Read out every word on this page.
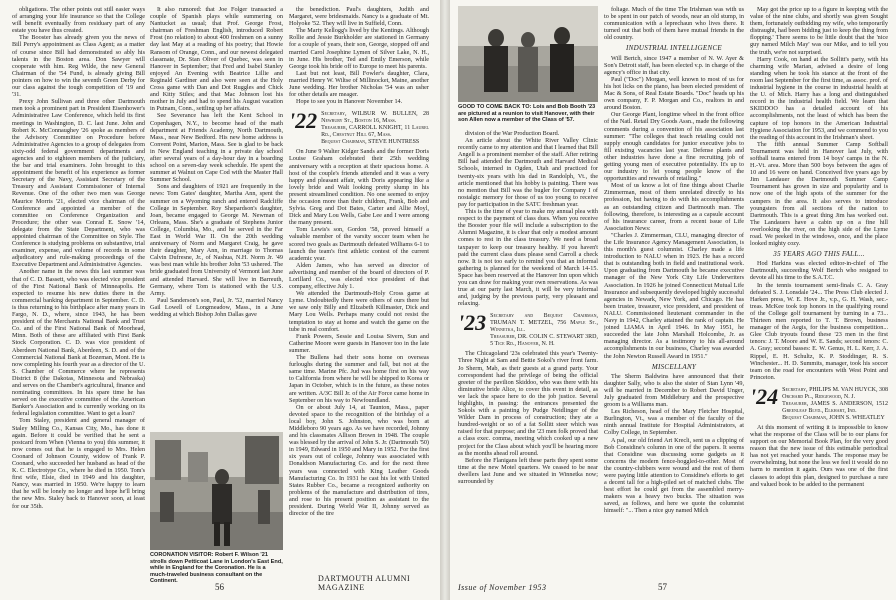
obligations. The other points out still easier ways of arranging your life insurance so that the College will benefit eventually from residuary part of any estate you have thus created.

The Booster has already given you the news of Bill Perry's appointment as Class Agent; as a matter of course since Bill had demonstrated so ably his talents in the Boston area. Don Sawyer will cooperate with him. Reg Wilde, the new General Chairman of the '54 Fund, is already giving Bill pointers on how to win the seventh Green Derby for our class against the tough competition of '19 and '31.

Prexy John Sullivan and three other Dartmouth men took a prominent part in President Eisenhower's Administrative Law Conference, which held its first meetings in Washington, D. C. last June. John and Robert K. McConnaughey '26 spoke as members of the Advisory Committee on Procedure before Administrative Agencies to a group of delegates from sixty-odd federal government departments and agencies and to eighteen members of the judiciary, the bar and trial examiners. John brought to this appointment the benefit of his experience as former Secretary of the Navy, Assistant Secretary of the Treasury and Assistant Commissioner of Internal Revenue. One of the other two men was George Maurice Morris '21, elected vice chairman of the Conference and appointed a member of the committee on Conference Organization and Procedure; the other was Conrad E. Snow '14, delegate from the State Department, who was appointed chairman of the Committee on Style. The Conference is studying problems on substantive, trial examiner, expense, and volume of records in some adjudicatory and rule-making proceedings of the Executive Department and Administrative Agencies.

Another name in the news this last summer was that of C. D. Bassett, who was elected vice president of the First National Bank of Minneapolis. He expected to resume his new duties there in the commercial banking department in September. C. D. is thus returning to his birthplace after many years in Fargo, N. D., where, since 1943, he has been president of the Merchants National Bank and Trust Co. and of the First National Bank of Moorhead, Minn. Both of these are affiliated with First Bank Stock Corporation. C. D. was vice president of Aberdeen National Bank, Aberdeen, S. D. and of the Commercial National Bank at Bozeman, Mont. He is now completing his fourth year as a director of the U. S. Chamber of Commerce where he represents District 8 (the Dakotas, Minnesota and Nebraska) and serves on the Chamber's agricultural, finance and nominating committees. In his spare time he has served on the executive committee of the American Banker's Association and is currently working on its federal legislation committee. Want to get a loan?

Tom Staley, president and general manager of Staley Milling Co., Kansas City, Mo., has done it again. Before it could be verified that he sent a postcard from When (Vienna to you) this summer, it now comes out that he is engaged to Mrs. Helen Coonard of Johnson County, widow of Frank P. Coonard, who succeeded her husband as head of the K. C. Electrotype Co., where he died in 1950. Tom's first wife, Elsie, died in 1949 and his daughter, Nancy, was married in 1950. We're happy to learn that he will be lonely no longer and hope he'll bring the new Mrs. Staley back to Hanover soon, at least for our 35th.

It also rumored: that Joe Folger transacted a couple of Spanish plays while summering on Nantucket as usual; that Prof. George Frost, chairman of Freshman English, introduced Robert Frost (no relation) to about 400 freshmen on a sunny day last May at a reading of his poetry; that Howie Ransom of Orange, Conn., and our newest delegated classmate, Dr. Stan Oliver of Quebec, was seen in Hanover in September; that Fred and Isabel Stanley enjoyed An Evening with Beatrice Lillie and Reginald Gardiner and also were seen at the Holy Cross game with Dan and Dot Ruggles and Chick and Kitty Stiles; and that Mac Johnson lost his mother in July and had to spend his August vacation in Putnam, Conn., settling up her affairs.

See Severance has left the Kent School in Copenhagen, N.Y., to become head of the math department at Friends Academy, North Dartmouth, Mass., near New Bedford. His new home address is Convent Point, Marion, Mass. See is glad to be back in New England teaching in a private day school after several years of a day-hour day in a boarding school on a seven-day week schedule. He spent the summer at Walnut on Cape Cod with the Master Hall Summer School.

Sons and daughters of 1921 are frequently in the news: Tom Gates' daughter, Martha Ann, spent the summer on a Wyoming ranch and entered Radcliffe College in September. Roy Shepardson's daughter, Joan, became engaged to George M. Newman of Orleans, Mass. She's a graduate of Stephens Junior College, Columbia, Mo., and he served in the Far East in World War II. On the 20th wedding anniversary of Norm and Margaret Craig, he gave their daughter, Mary Ann, in marriage to Thomas Calvin Dufresne, Jr., of Nashua, N.H. Norm Jr. '49 was best man while his brother John '53 ushered. The bride graduated from University of Vermont last June and attended Harvard. She will live in Barreuth, Germany, where Tom is stationed with the U.S. Army.

Paul Sanderson's son, Paul, Jr. '52, married Nancy Gail Lowell of Longmeadow, Mass., in a June wedding at which Bishop John Dallas gave

CORONATION VISITOR: Robert F. Wilson '21 strolls down Petticoat Lane in London's East End, while in England for the Coronation. He is a much-traveled business consultant on the Continent.

the benediction. Paul's daughters, Judith and Margaret, were bridesmaids. Nancy is a graduate of Mt. Holyoke '52. They will live in Suffield, Conn.

The Marty Kellogg's lived by the Kentings. Although Rollie and Jessie Burkholder are stationed in Germany for a couple of years, their son, George, stopped off and married Carol Josephine Lymen of Silver Lake, N. H., in June. His brother, Ted and Emily Emerson, while George took his bride off to Europe to meet his parents.

Last but not least, Bill Fowler's daughter, Clara, married Henry W. Wiltse of Millinocket, Maine, another June wedding. Her brother Nicholas '54 was an usher for other details are meager.

Hope to see you in Hanover November 14.

'22 Secretary, WILBUR W. BULLEN, 28 Newbury St., Boston 16, Mass.
Treasurer, CARROLL KNIGHT, 11 Laurel Rd., Chestnut Hill 67, Mass.
Bequest Chairman, STEVE HUNTRESS

On June 9 Walter Kidger Sands and the former Doris Louise Graham celebrated their 25th wedding anniversary with a reception at their spacious home. A host of the couple's friends attended and it was a very happy and pleasant affair, with Doris appearing like a lovely bride and Walt looking pretty slump in his present streamlined condition. No one seemed to enjoy the occasion more than their children, Frank, Bob and Sylvia. Greg and Dot Bates, Carter and Allie Moyl, Dick and Mary Lou Wells, Gabe Lee and I were among the many present.

Tom Lewis's son, Gordon '58, proved himself a valuable member of the varsity soccer team when he scored two goals as Dartmouth defeated Williams 6-1 to launch the team's first athletic contest of the current academic year.

Alden James, who has served as director of advertising and member of the board of directors of P. Lorillard Co., was elected vice president of that company, effective July 1.

We attended the Dartmouth-Holy Cross game at Lyme. Undoubtedly there were others of ours there but we saw only Billy and Elizabeth Killmaster, Dick and Mary Lou Wells. Perhaps many could not resist the temptation to stay at home and watch the game on the tube in real comfort.

Frank Powers, Sessie and Louisa Sivern, Sun and Catherine Moore were guests in Hanover too in the late summer.

The Bullens had their sons home on overseas furloughs during the summer and fall, but not at the same time. Marine Pfc. Jud was home first on his way to California from where he will be shipped to Korea or Japan in October, which is in the future, as these notes are written. A/3C Bill Jr. of the Air Force came home in September on his way to Newfoundland.

On or about July 14, at Taunton, Mass., paper devoted space to the recognition of the birthday of a local boy, John S. Johnston, who was born at Middleboro 90 years ago. As we have recorded, Johnny and his classmates Allison Brown in 1948. The couple was blessed by the arrival of John S. Jr. (Dartmouth '50) in 1949, Edward in 1950 and Mary in 1952. For the first six years out of college, Johnny was associated with Donaldson Manufacturing Co. and for the next three years was connected with King Leather Goods Manufacturing Co. In 1931 he cast his lot with United States Rubber Co., became a recognized authority on problems of the manufacture and distribution of tires, and rose to his present position as assistant to the president. During World War II, Johnny served as director of the tire

56
DARTMOUTH ALUMNI MAGAZINE
GOOD TO COME BACK TO: Lois and Bob Booth '23 are pictured at a reunion to visit Hanover, with their son Allen now a member of the Class of '57.

division of the War Production Board.

An article about the White River Valley Clinic recently came to my attention and that I learned that Bill Angell is a prominent member of the staff. After retiring Bill had attended the Dartmouth and Harvard Medical Schools, interned in Ogden, Utah and practiced for twenty-six years with his dad in Randolph, Vt., the article mentioned that his hobby is painting. There was no mention that Bill was the bugler for Company I of nostalgic memory for those of us too young to receive pay for participation in the SATC freshman year.

This is the time of year to make my annual plea with respect to the payment of class dues. When you receive the Booster your file will include a subscription to the Alumni Magazine, it is clear that only a modest amount comes to rest in the class treasury. We need a broad taxpayer to keep our treasury healthy. If you haven't paid the current class dues please send Carroll a check now. It is not too early to remind you that an informal gathering is planned for the weekend of March 14-15. Space has been reserved at the Hanover Inn upon which you can draw for making your own reservations. As was true at our party last March, it will be very informal and, judging by the previous party, very pleasant and relaxing.

'23 Secretary and Bequest Chairman, TRUMAN T. METZEL, 756 Maple St., Winnetka, Ill.
Treasurer, DR. COLIN C. STEWART 3RD, 5 Tice Rd., Hanover, N. H.

The Chicagoland '23s celebrated this year's Twenty-Three Night at Sam and Bettie Sokol's river front farm. Jo Sherm, Mab, as their guests at a grand party. Your correspondent had the privilege of being the official greeter of the pavilion Skiddoo, who was there with his diminutive bride Alice, to cover this event in detail, as we lack the space here to do the job justice. Several highlights, in passing: the entrances presented the Sokols with a painting by Pudge Neidlinger of the Wilder Dam in process of construction; they ate a hundred-weight or so of a fat Sollitt steer which was raised for that purpose; and the '23 men folk proved that a class exec. comma, meeting which cooked up a new project for the Class about which you'll be hearing more as the months ahead roll around.

Before the Flanigans left these parts they spent some time at the new Motel quarters. We ceased to be near dwellers last June and we situated in Winnetka now; surrounded by

foliage. Much of the time The Irishman was with us to be spent in our patch of woods, near an old stump, in communication with a leprechaun who lives there. It turned out that both of them have mutual friends in the old country.

INDUSTRIAL INTELLIGENCE

Will Bertch, since 1947 a member of N. W. Ayer & Son's Detroit staff, has been elected v.p. in charge of the agency's office in that city.

Paul ("Doc") Morgan, well known to most of us for his hot licks on the piano, has been elected president of Mac & Sons, of Real Estate Boards. "Doc" heads up his own company, F. P. Morgan and Co., realtors in and around Boston.

Our George Plant, longtime wheel in the front office of the Natl. Retail Dry Goods Assn., made the following comments during a convention of his association last summer: "The colleges that teach retailing could not supply enough candidates for junior executive jobs to fill existing vacancies last year. Defense plants and other industries have done a fine recruiting job of getting young men of executive potentiality. It's up to our industry to let young people know of the opportunities and rewards of retailing."

Most of us know a lot of fine things about Charlie Zimmerman, most of them unrelated directly to his profession, but having to do with his accomplishments as an outstanding citizen and Dartmouth man. The following, therefore, is interesting as a capsule account of his insurance career, from a recent issue of Life Association News:

"Charles J. Zimmerman, CLU, managing director of the Life Insurance Agency Management Association, is this month's guest columnist. Charley made a life introduction to NALU when in 1923. He has a record that is outstanding both in field and institutional work. Upon graduating from Dartmouth he became executive manager of the New York City Life Underwriters Association. In 1926 he joined Connecticut Mutual Life Insurance and subsequently developed highly successful agencies in Newark, New York, and Chicago. He has been trustee, treasurer, vice president, and president of NALU. Commissioned lieutenant commander in the Navy in 1942, Charley attained the rank of captain. He joined LIAMA in April 1946. In May 1951, he succeeded the late John Marshall Holcombe, Jr. as managing director. As a testimony to his all-around accomplishments in our business, Charley was awarded the John Newton Russell Award in 1951."

MISCELLANY

The Sherm Baldwins have announced that their daughter Sally, who is also the sister of Stan Lynn '49, will be married in December to Robert David Unger, July graduated from Middlebury and the prospective groom is a Williams man.

Les Richeson, head of the Mary Fletcher Hospital, Burlington, Vt., was a member of the faculty of the ninth annual Institute for Hospital Administrators, at Colby College, in September.

A pal, our old friend Art Krecli, sent us a clipping of Bob Considine's column in one of the papers. It seems that Considine was discussing some gadgets as it concerns the modern fence-hoggled-to-other. Most of the country-clubbers were wound and the rest of them were paying little attention to Considine's efforts to get a decent tall for a high-piled set of matched clubs. The best effort he could get from the assembled merry-makers was a heavy two bucks. The situation was saved, as follows, and here we quote the columnist himself: "... Then a nice guy named Milch

May got the price up to a figure in keeping with the value of the nine clubs, and shortly was given Sought them, fortunately outbidding my wife, who temporarily distraught, had been bidding just to keep the thing from flopping.' There seems to be little doubt that the 'nice guy named Milch May' was our Mike, and to tell you the truth, we're not surprised.

Harry Cook, on hand at the Sollitt's party, with his charming wife Marian, advised a desire of long standing when he took his stance at the front of the room last September for the first time, as assoc. prof. of industrial hygiene in the course in industrial health at the U. of Mich. Harry has a long and distinguished record in the industrial health field. We learn that SKIDDOO has a detailed account of his accomplishments, not the least of which has been the capture of top honors in the American Industrial Hygiene Association for 1953, and we commend to you the reading of this account in the Irishman's sheet.

The fifth annual Summer Camp Softball Tournament was held in Hanover last July, with softball teams entered from 14 boys' camps in the N. H.-Vt. area. More than 500 boys between the ages of 10 and 16 were on hand. Conceived five years ago by Jim Landauer the Dartmouth Summer Camp Tournament has grown in size and popularity and is now one of the high spots of the summer for the campers in the area. It also serves to introduce youngsters from all sections of the nation to Dartmouth. This is a great thing Jim has worked out. The Landauers have a cabin up on a fine hill overlooking the river, on the high side of the Lyme road. We peeked in the windows, once, and the place looked mighty cozy.

35 YEARS AGO THIS FALL...

Hod Harkins was elected editor-in-chief of The Dartmouth, succeeding Wolf Bertch who resigned to devote all his time to the S.A.T.C.

In the tennis tournament semi-finals C. A. Gray defeated S. J. Lonsdale '24... The Press Club elected J. Harken press, W. E. Hove Jr., v.p., G. H. Wash, sec.-treas. McKee took top honors in the qualifying round of the College golf tournament by turning in a 73... Thirteen men reported to T. T. Brown, business manager of the Aegis, for the business competition... Glee Club tryouts found these '23 men in the first tenors: J. T. Moore and W. E. Sands; second tenors: C. A. Gray; second basses: E. W. Genus, H. L. Kerr, J. A. Rippel, E. H. Schultz, K. P. Stoddinger, R. S. Winchester... H. D. Summits, manager, took his soccer team on the road for encounters with West Point and Princeton.

'24 Secretary, PHILIPS M. VAN HUYCK, 308 Orchard Pl., Ridgewood, N. J.
Treasurer, JAMES S. ANDERSON, 1512 Greenleaf Blvd., Elkhart, Ind.
Bequest Chairman, JOHN S. WHEATLEY

At this moment of writing it is impossible to know what the response of the Class will be to our plans for support on our Memorial Book Plan, for the very good reason that the new issue of this estimable periodical has not yet reached your hands. The response may be overwhelming, but none the less we feel it would do no harm to mention it again. Ours was one of the first classes to adopt this plan, designed to purchase a rare and valued book to be added to the permanent

Issue of November 1953	57
